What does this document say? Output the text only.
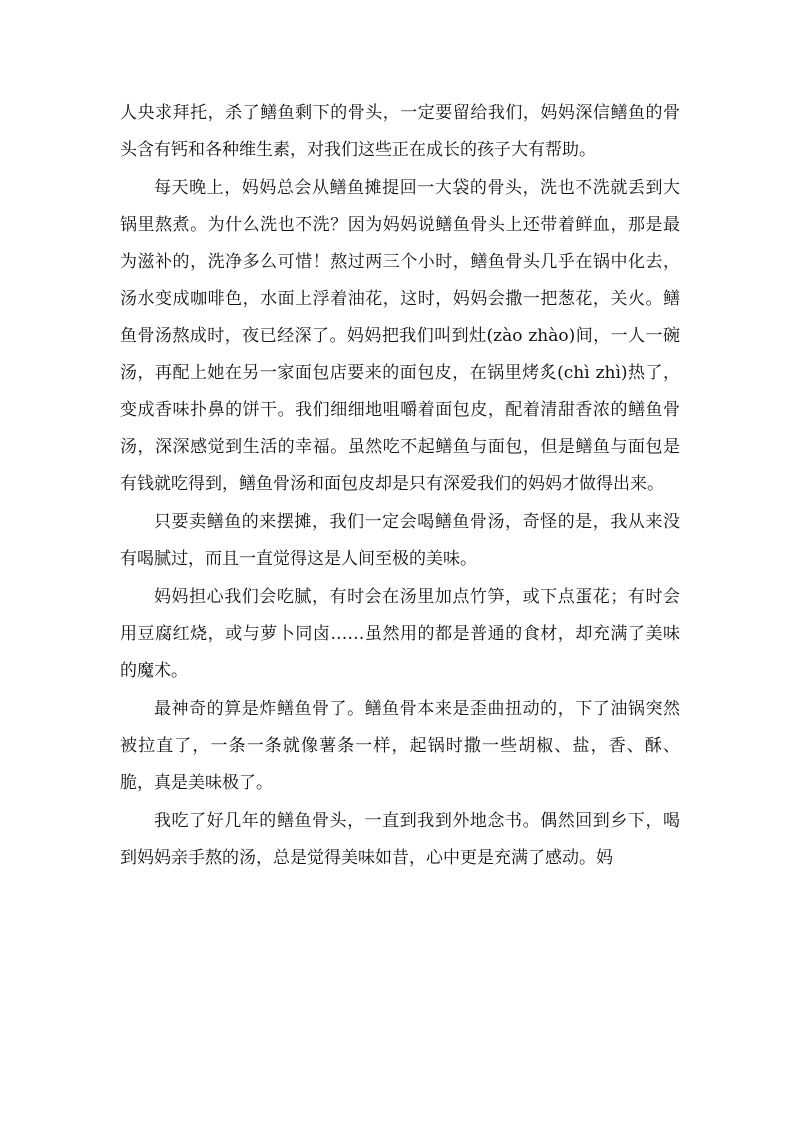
人央求拜托，杀了鳝鱼剩下的骨头，一定要留给我们，妈妈深信鳝鱼的骨头含有钙和各种维生素，对我们这些正在成长的孩子大有帮助。

每天晚上，妈妈总会从鳝鱼摊提回一大袋的骨头，洗也不洗就丢到大锅里熬煮。为什么洗也不洗？因为妈妈说鳝鱼骨头上还带着鲜血，那是最为滋补的，洗净多么可惜！熬过两三个小时，鳝鱼骨头几乎在锅中化去，汤水变成咖啡色，水面上浮着油花，这时，妈妈会撒一把葱花，关火。鳝鱼骨汤熬成时，夜已经深了。妈妈把我们叫到灶(zào zhào)间，一人一碗汤，再配上她在另一家面包店要来的面包皮，在锅里烤炙(chì zhì)热了，变成香味扑鼻的饼干。我们细细地咀嚼着面包皮，配着清甜香浓的鳝鱼骨汤，深深感觉到生活的幸福。虽然吃不起鳝鱼与面包，但是鳝鱼与面包是有钱就吃得到，鳝鱼骨汤和面包皮却是只有深爱我们的妈妈才做得出来。

只要卖鳝鱼的来摆摊，我们一定会喝鳝鱼骨汤，奇怪的是，我从来没有喝腻过，而且一直觉得这是人间至极的美味。

妈妈担心我们会吃腻，有时会在汤里加点竹笋，或下点蛋花；有时会用豆腐红烧，或与萝卜同卤……虽然用的都是普通的食材，却充满了美味的魔术。

最神奇的算是炸鳝鱼骨了。鳝鱼骨本来是歪曲扭动的，下了油锅突然被拉直了，一条一条就像薯条一样，起锅时撒一些胡椒、盐，香、酥、脆，真是美味极了。

我吃了好几年的鳝鱼骨头，一直到我到外地念书。偶然回到乡下，喝到妈妈亲手熬的汤，总是觉得美味如昔，心中更是充满了感动。妈
